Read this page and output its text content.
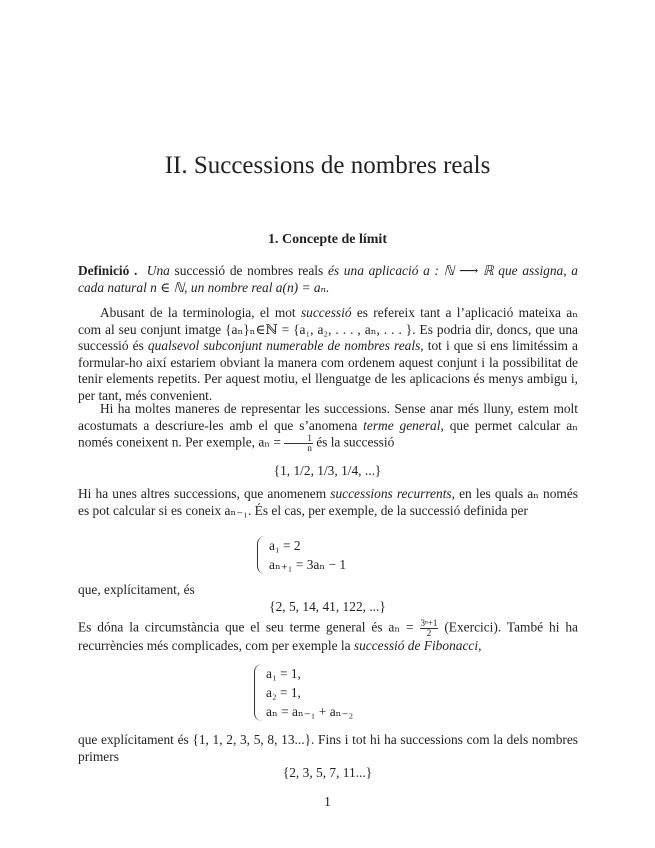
II. Successions de nombres reals
1. Concepte de límit
Definició . Una successió de nombres reals és una aplicació a : ℕ ⟶ ℝ que assigna, a cada natural n ∈ ℕ, un nombre real a(n) = aₙ.
Abusant de la terminologia, el mot successió es refereix tant a l’aplicació mateixa aₙ com al seu conjunt imatge {aₙ}ₙ∈ℕ = {a₁, a₂, . . . , aₙ, . . . }. Es podria dir, doncs, que una successió és qualsevol subconjunt numerable de nombres reals, tot i que si ens limitéssim a formular-ho així estariem obviant la manera com ordenem aquest conjunt i la possibilitat de tenir elements repetits. Per aquest motiu, el llenguatge de les aplicacions és menys ambigu i, per tant, més convenient.
Hi ha moltes maneres de representar les successions. Sense anar més lluny, estem molt acostumats a descriure-les amb el que s’anomena terme general, que permet calcular aₙ només coneixent n. Per exemple, $a_n = \frac{1}{n}$ és la successió
{1, 1/2, 1/3, 1/4, ...}
Hi ha unes altres successions, que anomenem successions recurrents, en les quals aₙ només es pot calcular si es coneix aₙ₋₁. És el cas, per exemple, de la successió definida per
a₁ = 2
aₙ₊₁ = 3aₙ − 1
que, explícitament, és
{2, 5, 14, 41, 122, ...}
Es dóna la circumstància que el seu terme general és $a_n = \frac{\text{3ⁿ+1}}{2}$ (Exercici). També hi ha recurrències més complicades, com per exemple la successió de Fibonacci,
a₁ = 1,
a₂ = 1,
aₙ = aₙ₋₁ + aₙ₋₂
que explícitament és {1, 1, 2, 3, 5, 8, 13...}. Fins i tot hi ha successions com la dels nombres primers
{2, 3, 5, 7, 11...}
1
